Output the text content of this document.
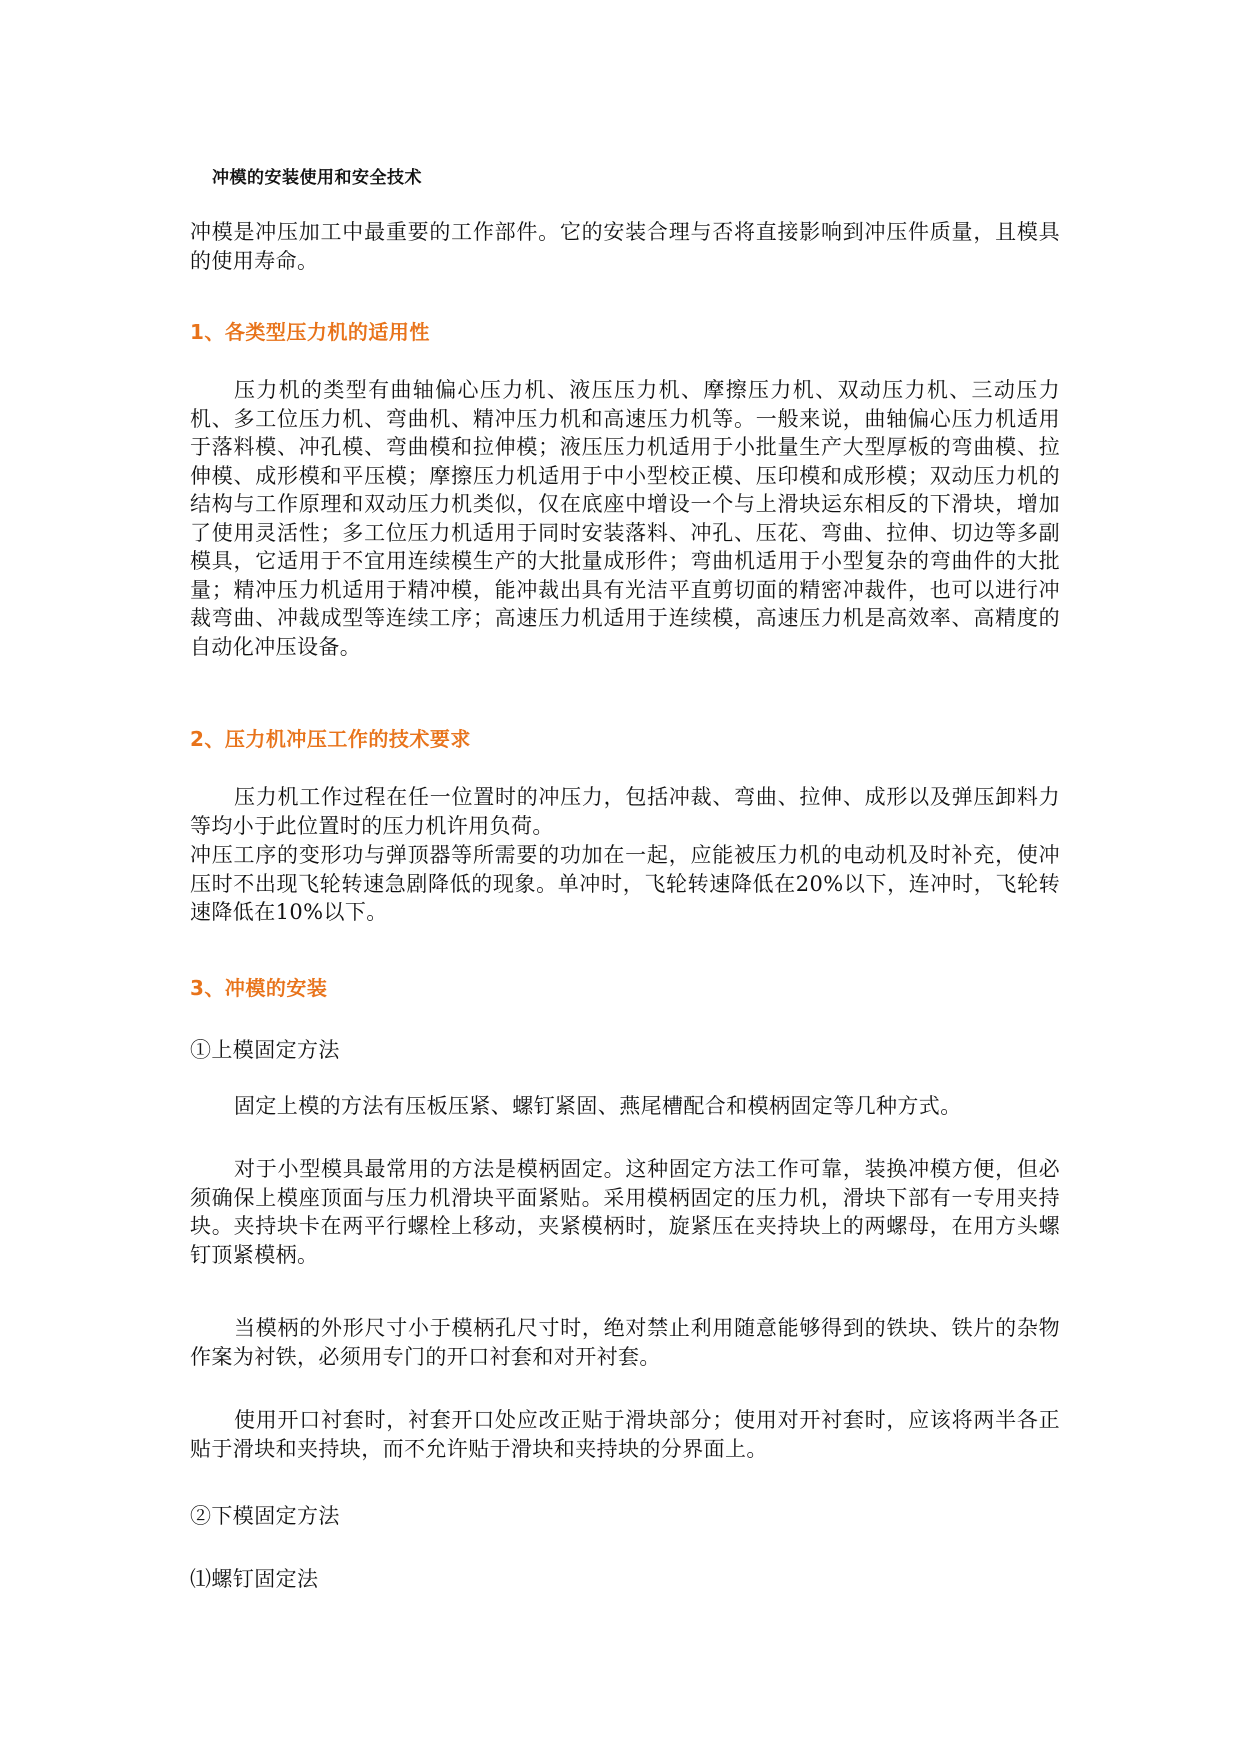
冲模的安装使用和安全技术

冲模是冲压加工中最重要的工作部件。它的安装合理与否将直接影响到冲压件质量，且模具的使用寿命。

1、各类型压力机的适用性

压力机的类型有曲轴偏心压力机、液压压力机、摩擦压力机、双动压力机、三动压力机、多工位压力机、弯曲机、精冲压力机和高速压力机等。一般来说，曲轴偏心压力机适用于落料模、冲孔模、弯曲模和拉伸模；液压压力机适用于小批量生产大型厚板的弯曲模、拉伸模、成形模和平压模；摩擦压力机适用于中小型校正模、压印模和成形模；双动压力机的结构与工作原理和双动压力机类似，仅在底座中增设一个与上滑块运东相反的下滑块，增加了使用灵活性；多工位压力机适用于同时安装落料、冲孔、压花、弯曲、拉伸、切边等多副模具，它适用于不宜用连续模生产的大批量成形件；弯曲机适用于小型复杂的弯曲件的大批量；精冲压力机适用于精冲模，能冲裁出具有光洁平直剪切面的精密冲裁件，也可以进行冲裁弯曲、冲裁成型等连续工序；高速压力机适用于连续模，高速压力机是高效率、高精度的自动化冲压设备。

2、压力机冲压工作的技术要求

压力机工作过程在任一位置时的冲压力，包括冲裁、弯曲、拉伸、成形以及弹压卸料力等均小于此位置时的压力机许用负荷。

冲压工序的变形功与弹顶器等所需要的功加在一起，应能被压力机的电动机及时补充，使冲压时不出现飞轮转速急剧降低的现象。单冲时，飞轮转速降低在20%以下，连冲时，飞轮转速降低在10%以下。

3、冲模的安装

①上模固定方法

固定上模的方法有压板压紧、螺钉紧固、燕尾槽配合和模柄固定等几种方式。

对于小型模具最常用的方法是模柄固定。这种固定方法工作可靠，装换冲模方便，但必须确保上模座顶面与压力机滑块平面紧贴。采用模柄固定的压力机，滑块下部有一专用夹持块。夹持块卡在两平行螺栓上移动，夹紧模柄时，旋紧压在夹持块上的两螺母，在用方头螺钉顶紧模柄。

当模柄的外形尺寸小于模柄孔尺寸时，绝对禁止利用随意能够得到的铁块、铁片的杂物作案为衬铁，必须用专门的开口衬套和对开衬套。

使用开口衬套时，衬套开口处应改正贴于滑块部分；使用对开衬套时，应该将两半各正贴于滑块和夹持块，而不允许贴于滑块和夹持块的分界面上。

②下模固定方法

⑴螺钉固定法
